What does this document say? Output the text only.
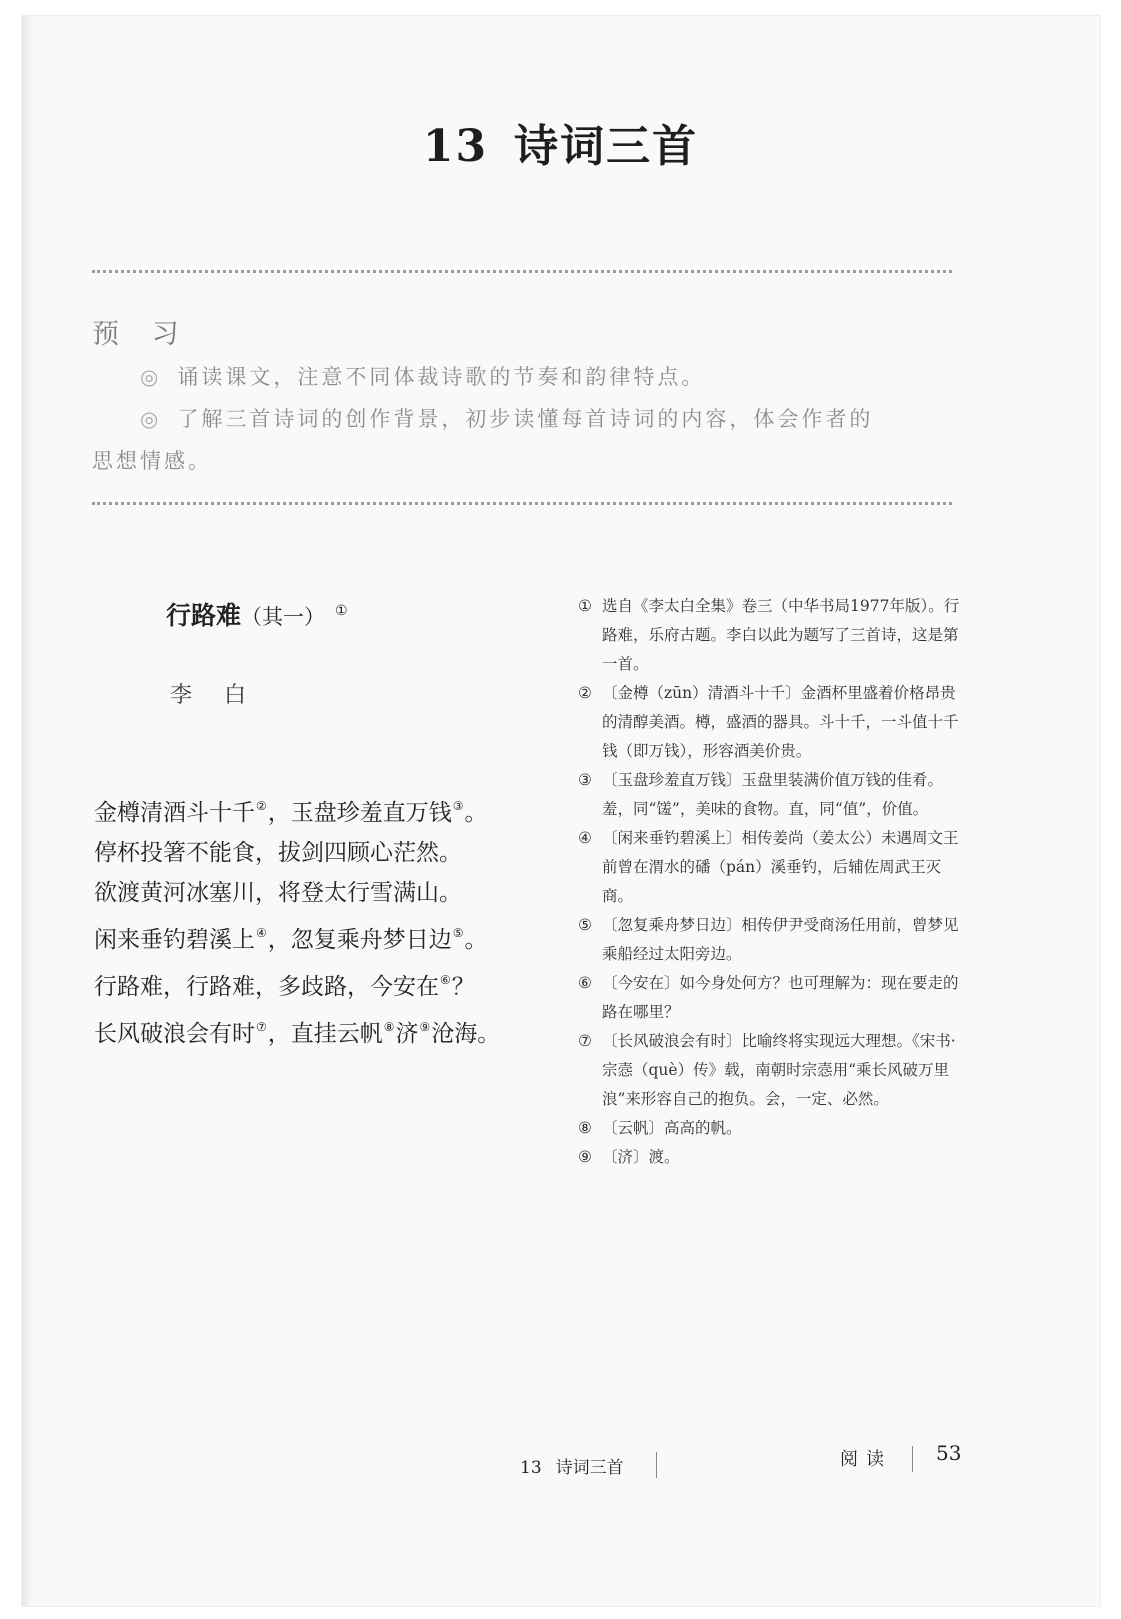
13 诗词三首
预 习
◎ 诵读课文，注意不同体裁诗歌的节奏和韵律特点。
◎ 了解三首诗词的创作背景，初步读懂每首诗词的内容，体会作者的
思想情感。
行路难（其一） ①
李白
金樽清酒斗十千②，玉盘珍羞直万钱③。
停杯投箸不能食，拔剑四顾心茫然。
欲渡黄河冰塞川，将登太行雪满山。
闲来垂钓碧溪上④，忽复乘舟梦日边⑤。
行路难，行路难，多歧路，今安在⑥？
长风破浪会有时⑦，直挂云帆⑧济⑨沧海。
① 选自《李太白全集》卷三（中华书局1977年版）。行路难，乐府古题。李白以此为题写了三首诗，这是第一首。
② 〔金樽（zūn）清酒斗十千〕金酒杯里盛着价格昂贵的清醇美酒。樽，盛酒的器具。斗十千，一斗值十千钱（即万钱），形容酒美价贵。
③ 〔玉盘珍羞直万钱〕玉盘里装满价值万钱的佳肴。羞，同“馐”，美味的食物。直，同“值”，价值。
④ 〔闲来垂钓碧溪上〕相传姜尚（姜太公）未遇周文王前曾在渭水的磻（pán）溪垂钓，后辅佐周武王灭商。
⑤ 〔忽复乘舟梦日边〕相传伊尹受商汤任用前，曾梦见乘船经过太阳旁边。
⑥ 〔今安在〕如今身处何方？也可理解为：现在要走的路在哪里？
⑦ 〔长风破浪会有时〕比喻终将实现远大理想。《宋书·宗悫（què）传》载，南朝时宗悫用“乘长风破万里浪”来形容自己的抱负。会，一定、必然。
⑧ 〔云帆〕高高的帆。
⑨ 〔济〕渡。
13 诗词三首	阅读 53
